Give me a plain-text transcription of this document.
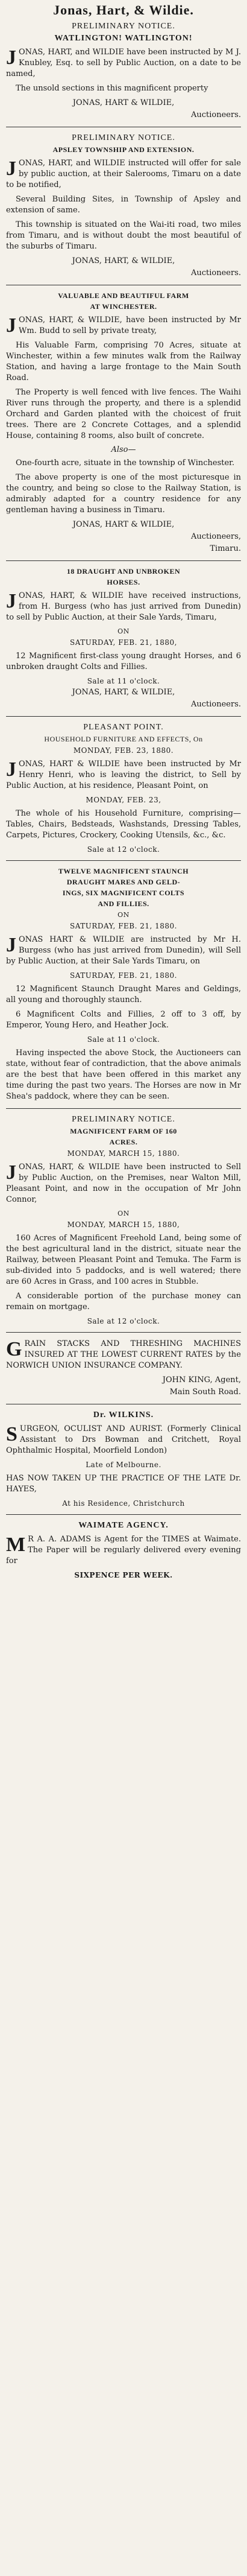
Jonas, Hart, & Wildie.
PRELIMINARY NOTICE.
WATLINGTON! WATLINGTON!
JONAS, HART, and WILDIE have been instructed by M J. Knubley, Esq. to sell by Public Auction, on a date to be named,
The unsold sections in this magnificent property
JONAS, HART & WILDIE,
Auctioneers.
PRELIMINARY NOTICE.
APSLEY TOWNSHIP AND EXTENSION.
JONAS, HART, and WILDIE instructed will offer for sale by public auction, at their Salerooms, Timaru on a date to be notified,
Several Building Sites, in Township of Apsley and extension of same.
This township is situated on the Wai-iti road, two miles from Timaru, and is without doubt the most beautiful of the suburbs of Timaru.
JONAS, HART, & WILDIE,
Auctioneers.
VALUABLE AND BEAUTIFUL FARM
AT WINCHESTER.
JONAS, HART, & WILDIE, have been instructed by Mr Wm. Budd to sell by private treaty,
His Valuable Farm, comprising 70 Acres, situate at Winchester, within a few minutes walk from the Railway Station, and having a large frontage to the Main South Road.
The Property is well fenced with live fences. The Waihi River runs through the property, and there is a splendid Orchard and Garden planted with the choicest of fruit trees. There are 2 Concrete Cottages, and a splendid House, containing 8 rooms, also built of concrete.
Also—
One-fourth acre, situate in the township of Winchester.
The above property is one of the most picturesque in the country, and being so close to the Railway Station, is admirably adapted for a country residence for any gentleman having a business in Timaru.
JONAS, HART & WILDIE,
Auctioneers,
Timaru.
18 DRAUGHT AND UNBROKEN
HORSES.
JONAS, HART, & WILDIE have received instructions, from H. Burgess (who has just arrived from Dunedin) to sell by Public Auction, at their Sale Yards, Timaru,
ON
SATURDAY, FEB. 21, 1880,
12 Magnificent first-class young draught Horses, and 6 unbroken draught Colts and Fillies.
Sale at 11 o'clock.
JONAS, HART, & WILDIE,
Auctioneers.
PLEASANT POINT.
HOUSEHOLD FURNITURE AND EFFECTS, On
MONDAY, FEB. 23, 1880.
JONAS, HART & WILDIE have been instructed by Mr Henry Henri, who is leaving the district, to Sell by Public Auction, at his residence, Pleasant Point, on
MONDAY, FEB. 23,
The whole of his Household Furniture, comprising—Tables, Chairs, Bedsteads, Washstands, Dressing Tables, Carpets, Pictures, Crockery, Cooking Utensils, &c., &c.
Sale at 12 o'clock.
TWELVE MAGNIFICENT STAUNCH
DRAUGHT MARES AND GELD-
INGS, SIX MAGNIFICENT COLTS
AND FILLIES.
ON
SATURDAY, FEB. 21, 1880.
JONAS HART & WILDIE are instructed by Mr H. Burgess (who has just arrived from Dunedin), will Sell by Public Auction, at their Sale Yards Timaru, on
SATURDAY, FEB. 21, 1880.
12 Magnificent Staunch Draught Mares and Geldings, all young and thoroughly staunch.
6 Magnificent Colts and Fillies, 2 off to 3 off, by Emperor, Young Hero, and Heather Jock.
Sale at 11 o'clock.
Having inspected the above Stock, the Auctioneers can state, without fear of contradiction, that the above animals are the best that have been offered in this market any time during the past two years. The Horses are now in Mr Shea's paddock, where they can be seen.
PRELIMINARY NOTICE.
MAGNIFICENT FARM OF 160
ACRES.
MONDAY, MARCH 15, 1880.
JONAS, HART, & WILDIE have been instructed to Sell by Public Auction, on the Premises, near Walton Mill, Pleasant Point, and now in the occupation of Mr John Connor,
ON
MONDAY, MARCH 15, 1880,
160 Acres of Magnificent Freehold Land, being some of the best agricultural land in the district, situate near the Railway, between Pleasant Point and Temuka. The Farm is sub-divided into 5 paddocks, and is well watered; there are 60 Acres in Grass, and 100 acres in Stubble.
A considerable portion of the purchase money can remain on mortgage.
Sale at 12 o'clock.
GRAIN STACKS AND THRESHING MACHINES INSURED AT THE LOWEST CURRENT RATES by the NORWICH UNION INSURANCE COMPANY.
JOHN KING, Agent,
Main South Road.
Dr. WILKINS.
SURGEON, OCULIST AND AURIST. (Formerly Clinical Assistant to Drs Bowman and Critchett, Royal Ophthalmic Hospital, Moorfield London)
Late of Melbourne.
HAS NOW TAKEN UP THE PRACTICE OF THE LATE Dr. HAYES,
At his Residence, Christchurch
WAIMATE AGENCY.
MR A. A. ADAMS is Agent for the TIMES at Waimate. The Paper will be regularly delivered every evening for
SIXPENCE PER WEEK.
